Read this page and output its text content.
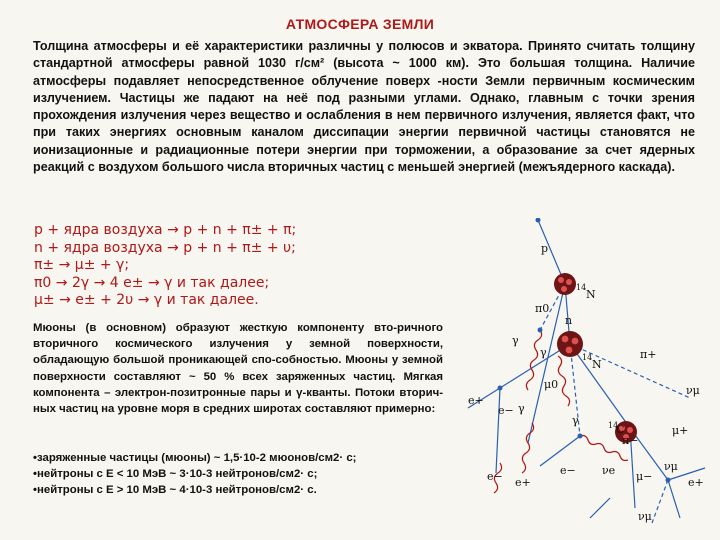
АТМОСФЕРА ЗЕМЛИ

Толщина атмосферы и её характеристики различны у полюсов и экватора. Принято считать толщину стандартной атмосферы равной 1030 г/см² (высота ~ 1000 км). Это большая толщина. Наличие атмосферы подавляет непосредственное облучение поверх -ности Земли первичным космическим излучением. Частицы же падают на неё под разными углами. Однако, главным с точки зрения прохождения излучения через вещество и ослабления в нем первичного излучения, является факт, что при таких энергиях основным каналом диссипации энергии первичной частицы становятся не ионизационные и радиационные потери энергии при торможении, а образование за счет ядерных реакций с воздухом большого числа вторичных частиц с меньшей энергией (межъядерного каскада).

p + ядра воздуха → p + n + π± + π;
n + ядра воздуха → p + n + π± + υ;
π± → μ± + γ;
π0 → 2γ → 4 e± → γ и так далее;
μ± → e± + 2υ → γ и так далее.

Мюоны (в основном) образуют жесткую компоненту вто-ричного вторичного космического излучения у земной поверхности, обладающую большой проникающей спо-собностью. Мюоны у земной поверхности составляют ~ 50 % всех заряженных частиц. Мягкая компонента – электрон-позитронные пары и γ-кванты. Потоки вторич-ных частиц на уровне моря в средних широтах составляют примерно:

•заряженные частицы (мюоны) ~ 1,5·10-2 мюонов/см2· с;
•нейтроны с Е < 10 МэВ ~ 3·10-3 нейтронов/см2· с;
•нейтроны с Е > 10 МэВ ~ 4·10-3 нейтронов/см2· с.
p
14
N
π0
γ
γ
n
14
N
π+
νμ
e+
μ0
e− γ
γ	14
C
π−
μ+
e− e+
e− νe
νμ
e+
μ−
νμ
